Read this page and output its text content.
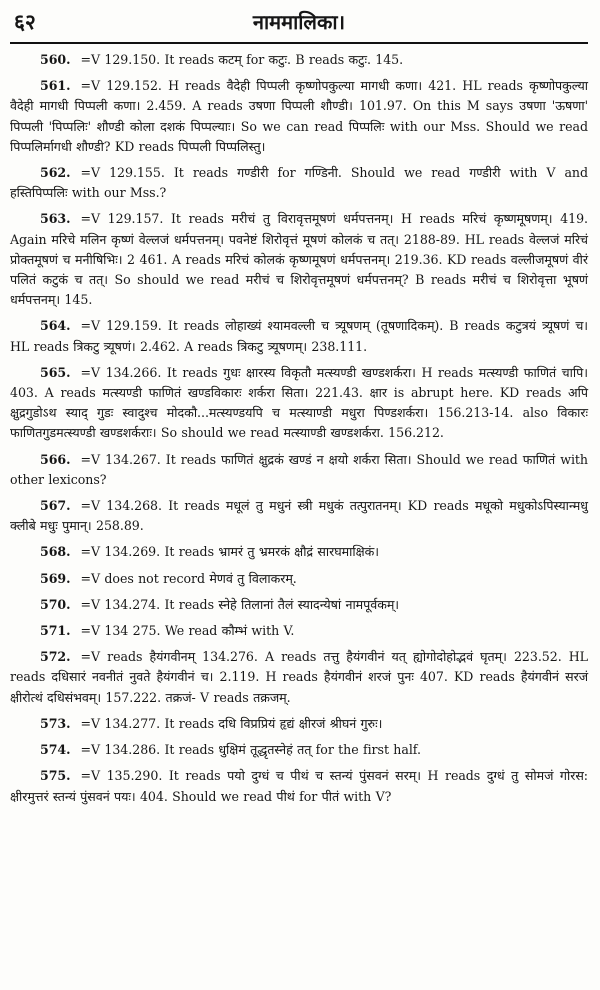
६२	नाममालिका।

560. =V 129.150. It reads कटम् for कटुः. B reads कटुः. 145.

561. =V 129.152. H reads वैदेही पिप्पली कृष्णोपकुल्या मागधी कणा। 421. HL reads कृष्णोपकुल्या वैदेही मागधी पिप्पली कणा। 2.459. A reads उषणा पिप्पली शौण्डी। 101.97. On this M says उषणा 'ऊषणा' पिप्पली 'पिप्पलिः' शौण्डी कोला दशकं पिप्पल्याः। So we can read पिप्पलिः with our Mss. Should we read पिप्पलिर्मागधी शौण्डी? KD reads पिप्पली पिप्पलिस्तु।

562. =V 129.155. It reads गण्डीरी for गण्डिनी. Should we read गण्डीरी with V and हस्तिपिप्पलिः with our Mss.?

563. =V 129.157. It reads मरीचं तु विरावृत्तमूषणं धर्मपत्तनम्। H reads मरिचं कृष्णमूषणम्। 419. Again मरिचे मलिन कृष्णं वेल्लजं धर्मपत्तनम्। पवनेष्टं शिरोवृत्तं मूषणं कोलकं च तत्। 2188-89. HL reads वेल्लजं मरिचं प्रोक्तमूषणं च मनीषिभिः। 2 461. A reads मरिचं कोलकं कृष्णमूषणं धर्मपत्तनम्। 219.36. KD reads वल्लीजमूषणं वीरं पलितं कटुकं च तत्। So should we read मरीचं च शिरोवृत्तमूषणं धर्मपत्तनम्? B reads मरीचं च शिरोवृत्ता भूषणं धर्मपत्तनम्। 145.

564. =V 129.159. It reads लोहाख्यं श्यामवल्ली च त्र्यूषणम् (तूषणादिकम्). B reads कटुत्रयं त्र्यूषणं च। HL reads त्रिकटु त्र्यूषणं। 2.462. A reads त्रिकटु त्र्यूषणम्। 238.111.

565. =V 134.266. It reads गुधः क्षारस्य विकृतौ मत्स्यण्डी खण्डशर्करा। H reads मत्स्यण्डी फाणितं चापि। 403. A reads मत्स्यण्डी फाणितं खण्डविकारः शर्करा सिता। 221.43. क्षार is abrupt here. KD reads अपि क्षुद्रगुडोऽथ स्याद् गुडः स्वादुश्च मोदकौ...मत्स्यण्डयपि च मत्स्याण्डी मधुरा पिण्डशर्करा। 156.213-14. also विकारः फाणितगुडमत्स्यण्डी खण्डशर्कराः। So should we read मत्स्याण्डी खण्डशर्करा. 156.212.

566. =V 134.267. It reads फाणितं क्षुद्रकं खण्डं न क्षयो शर्करा सिता। Should we read फाणितं with other lexicons?

567. =V 134.268. It reads मधूलं तु मधुनं स्त्री मधुकं तत्पुरातनम्। KD reads मधूको मधुकोऽपिस्यान्मधु क्लीबे मधुः पुमान्। 258.89.

568. =V 134.269. It reads भ्रामरं तु भ्रमरकं क्षौद्रं सारघमाक्षिकं।

569. =V does not record मेणवं तु विलाकरम्.

570. =V 134.274. It reads स्नेहे तिलानां तैलं स्यादन्येषां नामपूर्वकम्।

571. =V 134 275. We read कौम्भं with V.

572. =V reads हैयंगवीनम् 134.276. A reads तत्तु हैयंगवीनं यत् ह्योगोदोहोद्भवं घृतम्। 223.52. HL reads दधिसारं नवनीतं नुवते हैयंगवीनं च। 2.119. H reads हैयंगवीनं शरजं पुनः 407. KD reads हैयंगवीनं सरजं क्षीरोत्थं दधिसंभवम्। 157.222. तक्रजं- V reads तक्रजम्.

573. =V 134.277. It reads दधि विप्रप्रियं हृद्यं क्षीरजं श्रीघनं गुरुः।

574. =V 134.286. It reads धुक्षिमं तूद्धृतस्नेहं तत् for the first half.

575. =V 135.290. It reads पयो दुग्धं च पीथं च स्तन्यं पुंसवनं सरम्। H reads दुग्धं तु सोमजं गोरस: क्षीरमुत्तरं स्तन्यं पुंसवनं पयः। 404. Should we read पीथं for पीतं with V?
